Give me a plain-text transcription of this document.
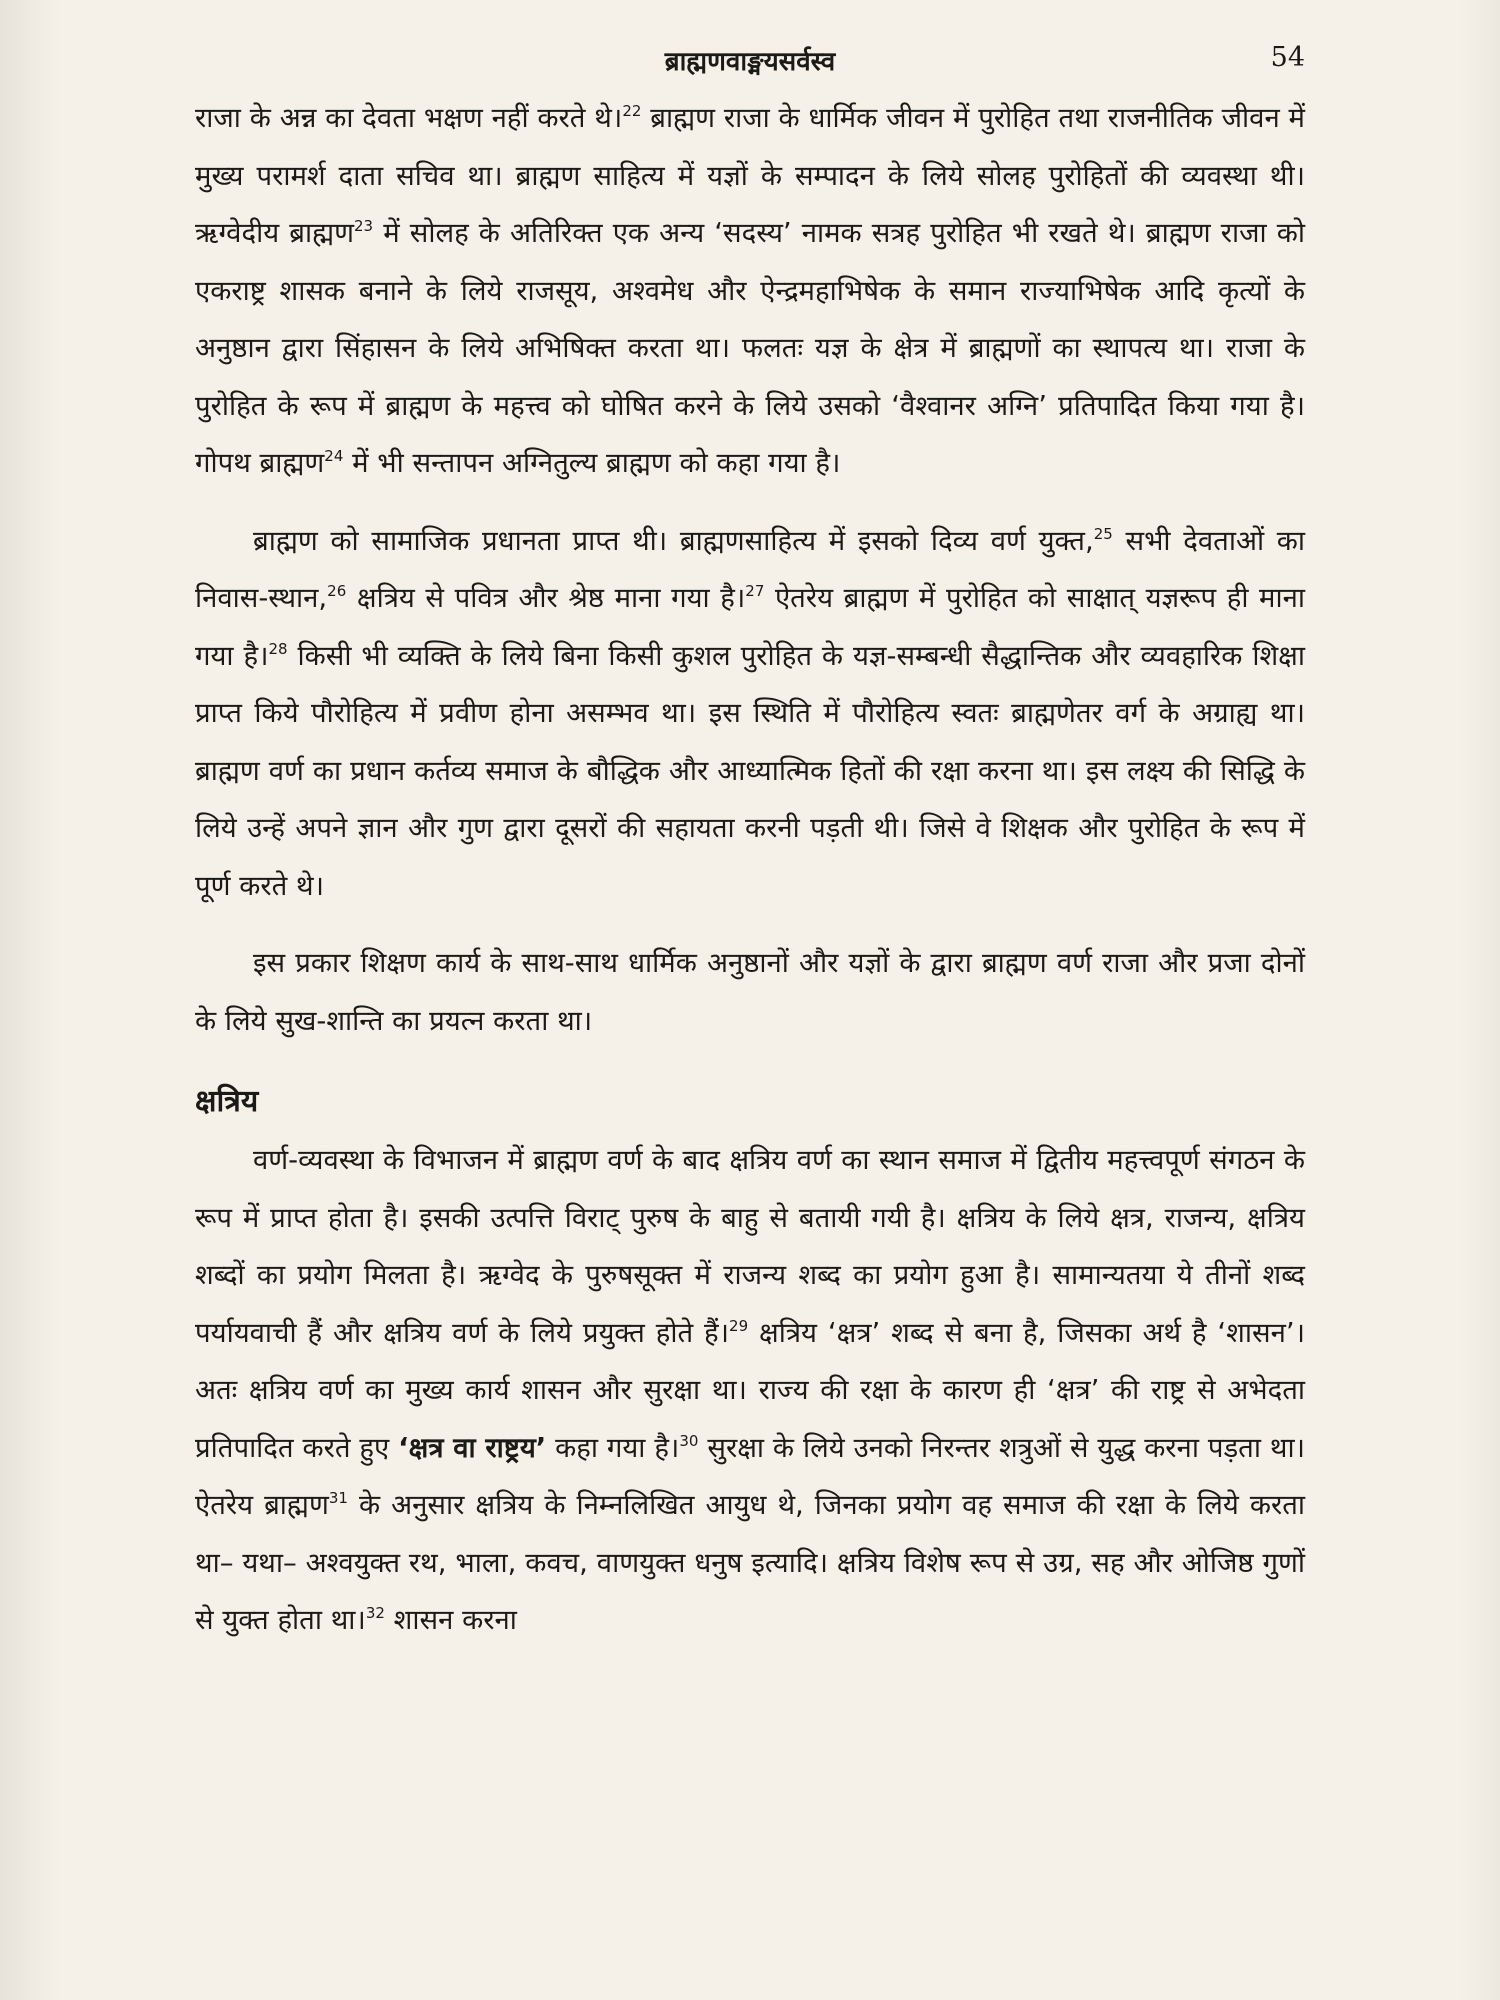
ब्राह्मणवाङ्मयसर्वस्व	54

राजा के अन्न का देवता भक्षण नहीं करते थे।$^{22}$ ब्राह्मण राजा के धार्मिक जीवन में पुरोहित तथा राजनीतिक जीवन में मुख्य परामर्श दाता सचिव था। ब्राह्मण साहित्य में यज्ञों के सम्पादन के लिये सोलह पुरोहितों की व्यवस्था थी। ऋग्वेदीय ब्राह्मण$^{23}$ में सोलह के अतिरिक्त एक अन्य ‘सदस्य’ नामक सत्रह पुरोहित भी रखते थे। ब्राह्मण राजा को एकराष्ट्र शासक बनाने के लिये राजसूय, अश्वमेध और ऐन्द्रमहाभिषेक के समान राज्याभिषेक आदि कृत्यों के अनुष्ठान द्वारा सिंहासन के लिये अभिषिक्त करता था। फलतः यज्ञ के क्षेत्र में ब्राह्मणों का स्थापत्य था। राजा के पुरोहित के रूप में ब्राह्मण के महत्त्व को घोषित करने के लिये उसको ‘वैश्वानर अग्नि’ प्रतिपादित किया गया है। गोपथ ब्राह्मण$^{24}$ में भी सन्तापन अग्नितुल्य ब्राह्मण को कहा गया है।

ब्राह्मण को सामाजिक प्रधानता प्राप्त थी। ब्राह्मणसाहित्य में इसको दिव्य वर्ण युक्त,$^{25}$ सभी देवताओं का निवास-स्थान,$^{26}$ क्षत्रिय से पवित्र और श्रेष्ठ माना गया है।$^{27}$ ऐतरेय ब्राह्मण में पुरोहित को साक्षात् यज्ञरूप ही माना गया है।$^{28}$ किसी भी व्यक्ति के लिये बिना किसी कुशल पुरोहित के यज्ञ-सम्बन्धी सैद्धान्तिक और व्यवहारिक शिक्षा प्राप्त किये पौरोहित्य में प्रवीण होना असम्भव था। इस स्थिति में पौरोहित्य स्वतः ब्राह्मणेतर वर्ग के अग्राह्य था। ब्राह्मण वर्ण का प्रधान कर्तव्य समाज के बौद्धिक और आध्यात्मिक हितों की रक्षा करना था। इस लक्ष्य की सिद्धि के लिये उन्हें अपने ज्ञान और गुण द्वारा दूसरों की सहायता करनी पड़ती थी। जिसे वे शिक्षक और पुरोहित के रूप में पूर्ण करते थे।

इस प्रकार शिक्षण कार्य के साथ-साथ धार्मिक अनुष्ठानों और यज्ञों के द्वारा ब्राह्मण वर्ण राजा और प्रजा दोनों के लिये सुख-शान्ति का प्रयत्न करता था।

क्षत्रिय

वर्ण-व्यवस्था के विभाजन में ब्राह्मण वर्ण के बाद क्षत्रिय वर्ण का स्थान समाज में द्वितीय महत्त्वपूर्ण संगठन के रूप में प्राप्त होता है। इसकी उत्पत्ति विराट् पुरुष के बाहु से बतायी गयी है। क्षत्रिय के लिये क्षत्र, राजन्य, क्षत्रिय शब्दों का प्रयोग मिलता है। ऋग्वेद के पुरुषसूक्त में राजन्य शब्द का प्रयोग हुआ है। सामान्यतया ये तीनों शब्द पर्यायवाची हैं और क्षत्रिय वर्ण के लिये प्रयुक्त होते हैं।$^{29}$ क्षत्रिय ‘क्षत्र’ शब्द से बना है, जिसका अर्थ है ‘शासन’। अतः क्षत्रिय वर्ण का मुख्य कार्य शासन और सुरक्षा था। राज्य की रक्षा के कारण ही ‘क्षत्र’ की राष्ट्र से अभेदता प्रतिपादित करते हुए ‘क्षत्र वा राष्ट्रय’ कहा गया है।$^{30}$ सुरक्षा के लिये उनको निरन्तर शत्रुओं से युद्ध करना पड़ता था। ऐतरेय ब्राह्मण$^{31}$ के अनुसार क्षत्रिय के निम्नलिखित आयुध थे, जिनका प्रयोग वह समाज की रक्षा के लिये करता था– यथा– अश्वयुक्त रथ, भाला, कवच, वाणयुक्त धनुष इत्यादि। क्षत्रिय विशेष रूप से उग्र, सह और ओजिष्ठ गुणों से युक्त होता था।$^{32}$ शासन करना
